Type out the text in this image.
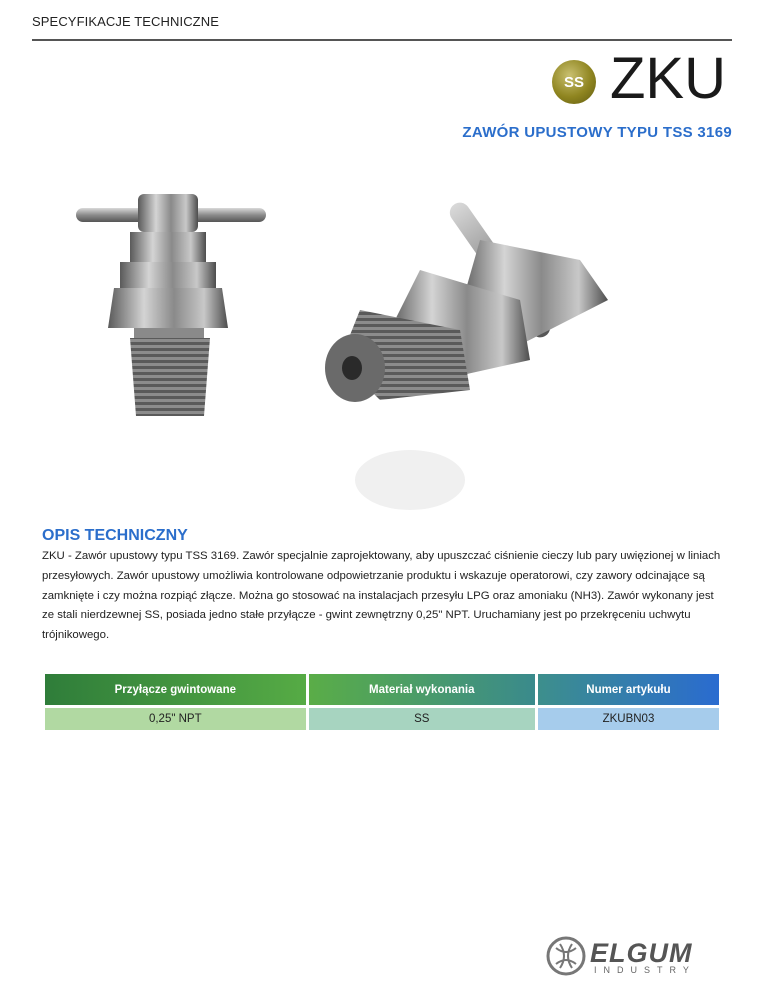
SPECYFIKACJE TECHNICZNE
SS ZKU
ZAWÓR UPUSTOWY TYPU TSS 3169
OPIS TECHNICZNY
ZKU - Zawór upustowy typu TSS 3169. Zawór specjalnie zaprojektowany, aby upuszczać ciśnienie cieczy lub pary uwięzionej w liniach przesyłowych. Zawór upustowy umożliwia kontrolowane odpowietrzanie produktu i wskazuje operatorowi, czy zawory odcinające są zamknięte i czy można rozpiąć złącze. Można go stosować na instalacjach przesyłu LPG oraz amoniaku (NH3). Zawór wykonany jest ze stali nierdzewnej SS, posiada jedno stałe przyłącze - gwint zewnętrzny 0,25" NPT. Uruchamiany jest po przekręceniu uchwytu trójnikowego.
Przyłącze gwintowane	Materiał wykonania	Numer artykułu

0,25" NPT	SS	ZKUBN03
ELGUM
INDUSTRY
